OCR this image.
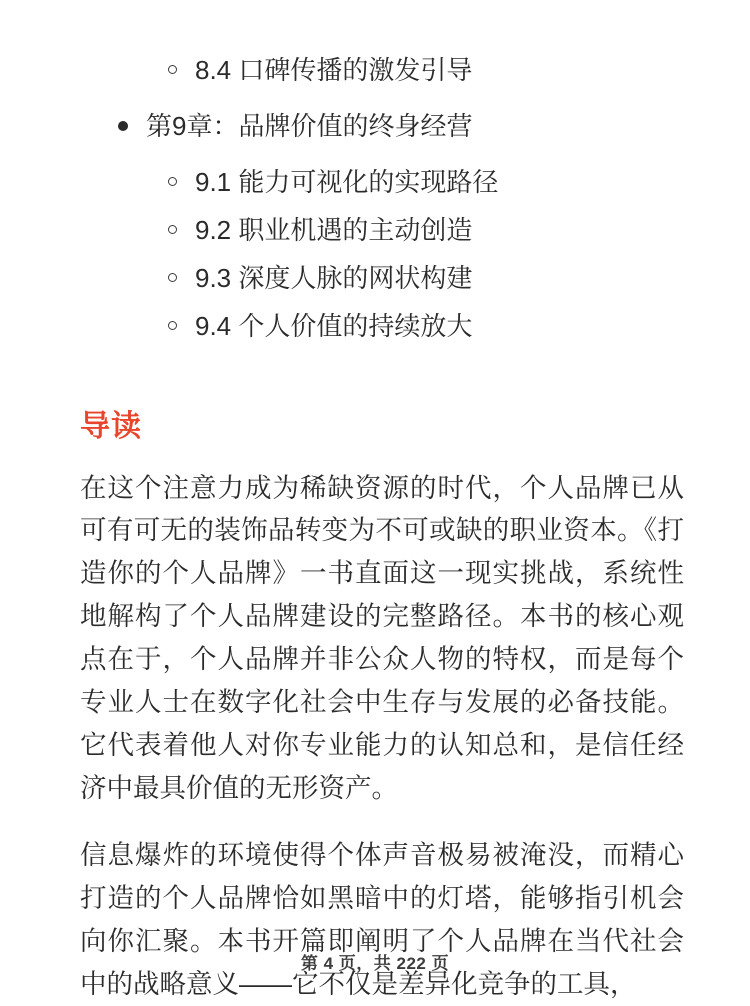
8.4 口碑传播的激发引导
第9章：品牌价值的终身经营
9.1 能力可视化的实现路径
9.2 职业机遇的主动创造
9.3 深度人脉的网状构建
9.4 个人价值的持续放大
导读

在这个注意力成为稀缺资源的时代，个人品牌已从可有可无的装饰品转变为不可或缺的职业资本。《打造你的个人品牌》一书直面这一现实挑战，系统性地解构了个人品牌建设的完整路径。本书的核心观点在于，个人品牌并非公众人物的特权，而是每个专业人士在数字化社会中生存与发展的必备技能。它代表着他人对你专业能力的认知总和，是信任经济中最具价值的无形资产。

信息爆炸的环境使得个体声音极易被淹没，而精心打造的个人品牌恰如黑暗中的灯塔，能够指引机会向你汇聚。本书开篇即阐明了个人品牌在当代社会中的战略意义——它不仅是差异化竞争的工具，

第 4 页，共 222 页
